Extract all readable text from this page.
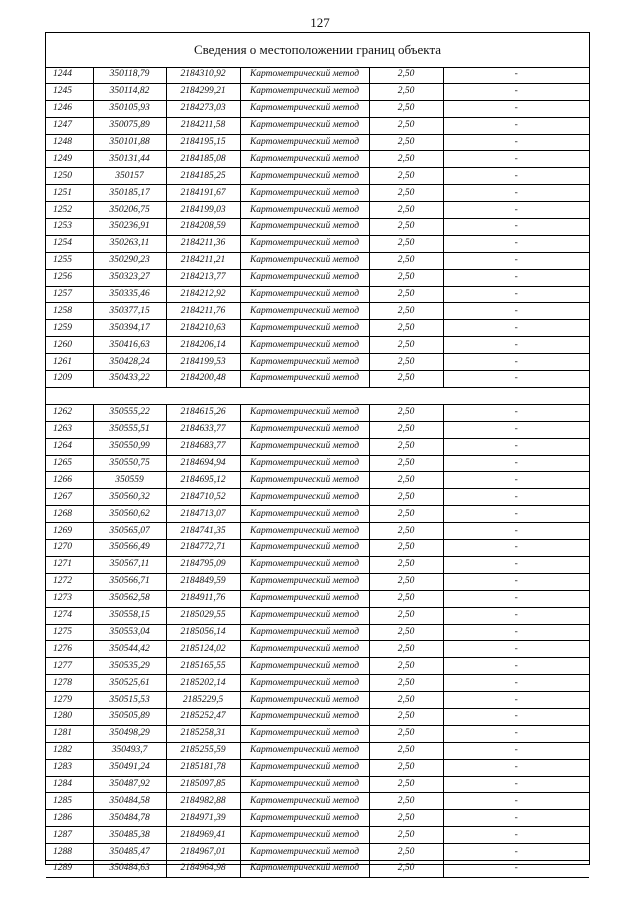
127
Сведения о местоположении границ объекта
1244	350118,79	2184310,92	Картометрический метод	2,50	-
1245	350114,82	2184299,21	Картометрический метод	2,50	-
1246	350105,93	2184273,03	Картометрический метод	2,50	-
1247	350075,89	2184211,58	Картометрический метод	2,50	-
1248	350101,88	2184195,15	Картометрический метод	2,50	-
1249	350131,44	2184185,08	Картометрический метод	2,50	-
1250	350157	2184185,25	Картометрический метод	2,50	-
1251	350185,17	2184191,67	Картометрический метод	2,50	-
1252	350206,75	2184199,03	Картометрический метод	2,50	-
1253	350236,91	2184208,59	Картометрический метод	2,50	-
1254	350263,11	2184211,36	Картометрический метод	2,50	-
1255	350290,23	2184211,21	Картометрический метод	2,50	-
1256	350323,27	2184213,77	Картометрический метод	2,50	-
1257	350335,46	2184212,92	Картометрический метод	2,50	-
1258	350377,15	2184211,76	Картометрический метод	2,50	-
1259	350394,17	2184210,63	Картометрический метод	2,50	-
1260	350416,63	2184206,14	Картометрический метод	2,50	-
1261	350428,24	2184199,53	Картометрический метод	2,50	-
1209	350433,22	2184200,48	Картометрический метод	2,50	-

1262	350555,22	2184615,26	Картометрический метод	2,50	-
1263	350555,51	2184633,77	Картометрический метод	2,50	-
1264	350550,99	2184683,77	Картометрический метод	2,50	-
1265	350550,75	2184694,94	Картометрический метод	2,50	-
1266	350559	2184695,12	Картометрический метод	2,50	-
1267	350560,32	2184710,52	Картометрический метод	2,50	-
1268	350560,62	2184713,07	Картометрический метод	2,50	-
1269	350565,07	2184741,35	Картометрический метод	2,50	-
1270	350566,49	2184772,71	Картометрический метод	2,50	-
1271	350567,11	2184795,09	Картометрический метод	2,50	-
1272	350566,71	2184849,59	Картометрический метод	2,50	-
1273	350562,58	2184911,76	Картометрический метод	2,50	-
1274	350558,15	2185029,55	Картометрический метод	2,50	-
1275	350553,04	2185056,14	Картометрический метод	2,50	-
1276	350544,42	2185124,02	Картометрический метод	2,50	-
1277	350535,29	2185165,55	Картометрический метод	2,50	-
1278	350525,61	2185202,14	Картометрический метод	2,50	-
1279	350515,53	2185229,5	Картометрический метод	2,50	-
1280	350505,89	2185252,47	Картометрический метод	2,50	-
1281	350498,29	2185258,31	Картометрический метод	2,50	-
1282	350493,7	2185255,59	Картометрический метод	2,50	-
1283	350491,24	2185181,78	Картометрический метод	2,50	-
1284	350487,92	2185097,85	Картометрический метод	2,50	-
1285	350484,58	2184982,88	Картометрический метод	2,50	-
1286	350484,78	2184971,39	Картометрический метод	2,50	-
1287	350485,38	2184969,41	Картометрический метод	2,50	-
1288	350485,47	2184967,01	Картометрический метод	2,50	-
1289	350484,63	2184964,98	Картометрический метод	2,50	-
